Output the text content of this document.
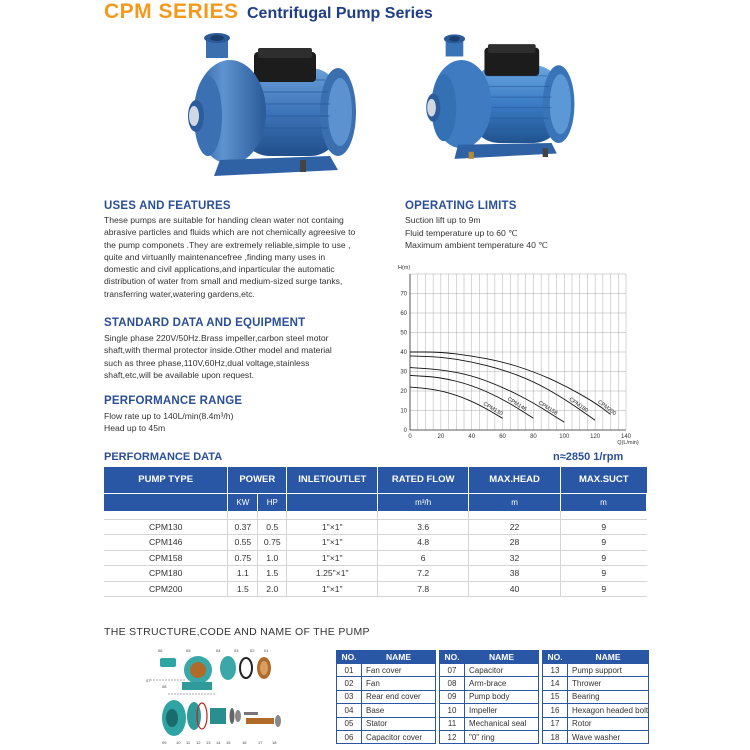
CPM SERIES Centrifugal Pump Series
USES AND FEATURES
These pumps are suitable for handing clean water not containg
abrasive particles and fluids which are not chemically agreesive to
the pump componets .They are extremely reliable,simple to use ,
quite and virtuanlly maintenancefree ,finding many uses in
domestic and civil applications,and inparticular the automatic
distribution of water from small and medium-sized surge tanks,
transferring water,watering gardens,etc.
STANDARD DATA AND EQUIPMENT
Single phase 220V/50Hz.Brass impeller,carbon steel motor
shaft,with thermal protector inside.Other model and material
such as three phase,110V,60Hz,dual voltage,stainless
shaft,etc,will be available upon request.
PERFORMANCE RANGE
Flow rate up to 140L/min(8.4m³/h)
Head up to 45m
OPERATING LIMITS
Suction lift up to 9m
Fluid temperature up to 60 ℃
Maximum ambient temperature 40 ℃
0	20	40	60	80	100	120	140
0
10
20
30
40
50
60
70
H(m)
Q(L/min)
CPM130 CPM146 CPM158 CPM180 CPM200
PERFORMANCE DATA	n≈2850 1/rpm
PUMP TYPE	POWER		INLET/OUTLET	RATED FLOW	MAX.HEAD	MAX.SUCT
	KW	HP		m³/h	m	m

CPM130	0.37	0.5	1"×1"	3.6	22	9
CPM146	0.55	0.75	1"×1"	4.8	28	9
CPM158	0.75	1.0	1"×1"	6	32	9
CPM180	1.1	1.5	1.25"×1"	7.2	38	9
CPM200	1.5	2.0	1"×1"	7.8	40	9
THE STRUCTURE,CODE AND NAME OF THE PUMP
06	05	04	03	02 01
07
08
09 10 11 12 13 14 15	16	17 18
NO.	NAME
01	Fan cover
02	Fan
03	Rear end cover
04	Base
05	Stator
06	Capacitor cover
NO.	NAME
07	Capacitor
08	Arm-brace
09	Pump body
10	Impeller
11	Mechanical seal
12	"0" ring
NO.	NAME
13	Pump support
14	Thrower
15	Bearing
16	Hexagon headed bolt
17	Rotor
18	Wave washer
